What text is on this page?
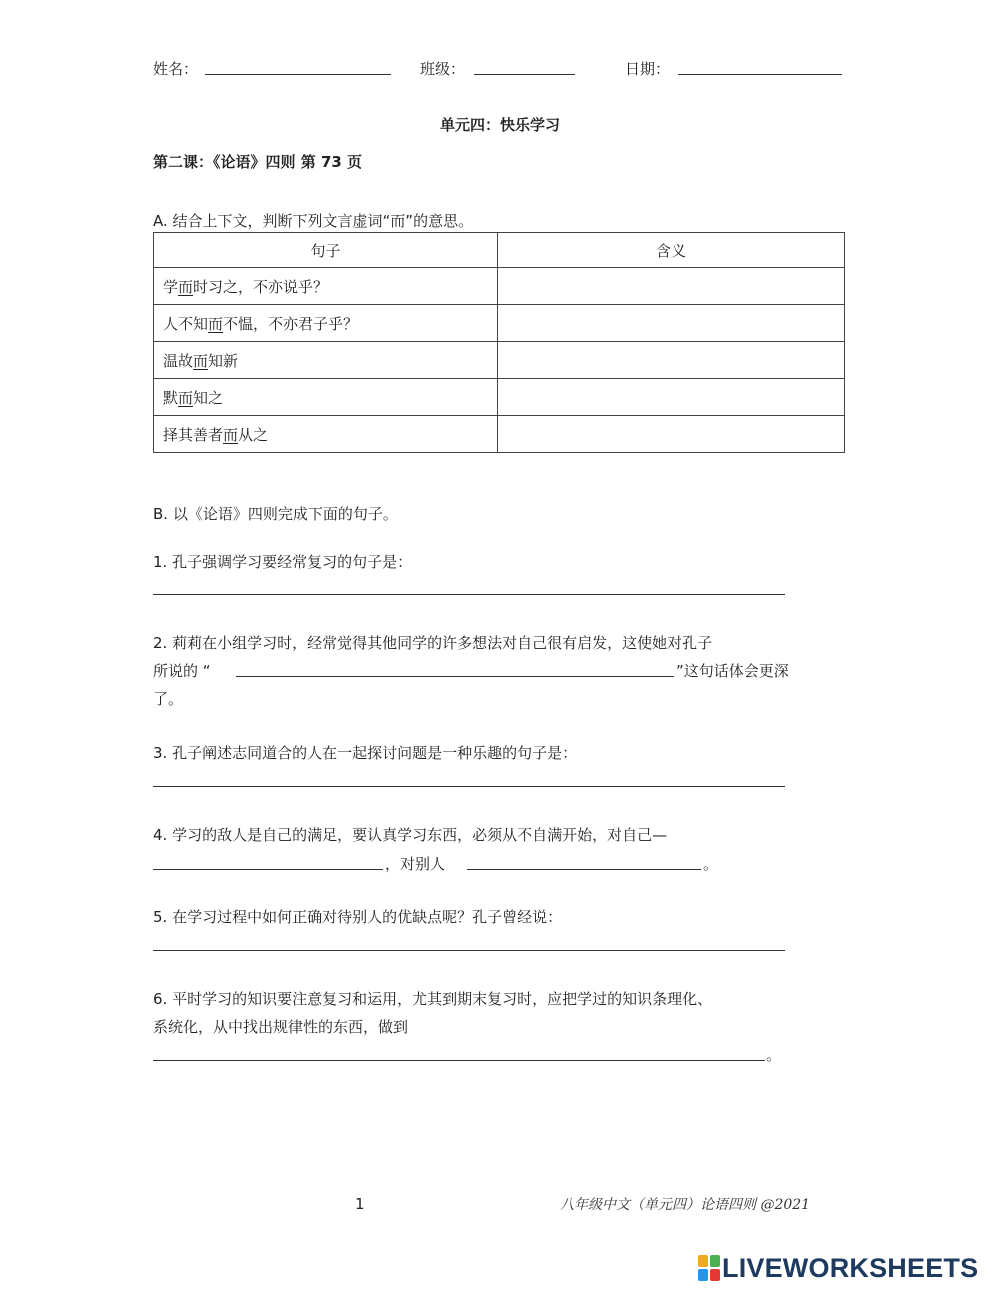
姓名：	班级：	日期：
单元四：快乐学习
第二课：《论语》四则 第 73 页
A. 结合上下文，判断下列文言虚词“而”的意思。
句子	含义
学而时习之，不亦说乎？	
人不知而不愠，不亦君子乎？	
温故而知新	
默而知之	
择其善者而从之	
B. 以《论语》四则完成下面的句子。
1. 孔子强调学习要经常复习的句子是：
2. 莉莉在小组学习时，经常觉得其他同学的许多想法对自己很有启发，这使她对孔子
所说的 “	”这句话体会更深
了。
3. 孔子阐述志同道合的人在一起探讨问题是一种乐趣的句子是：
4. 学习的敌人是自己的满足，要认真学习东西，必须从不自满开始，对自己—
，对别人	。
5. 在学习过程中如何正确对待别人的优缺点呢？孔子曾经说：
6. 平时学习的知识要注意复习和运用，尤其到期末复习时，应把学过的知识条理化、
系统化，从中找出规律性的东西，做到
。
1	八年级中文（单元四）论语四则 @2021
LIVEWORKSHEETS
